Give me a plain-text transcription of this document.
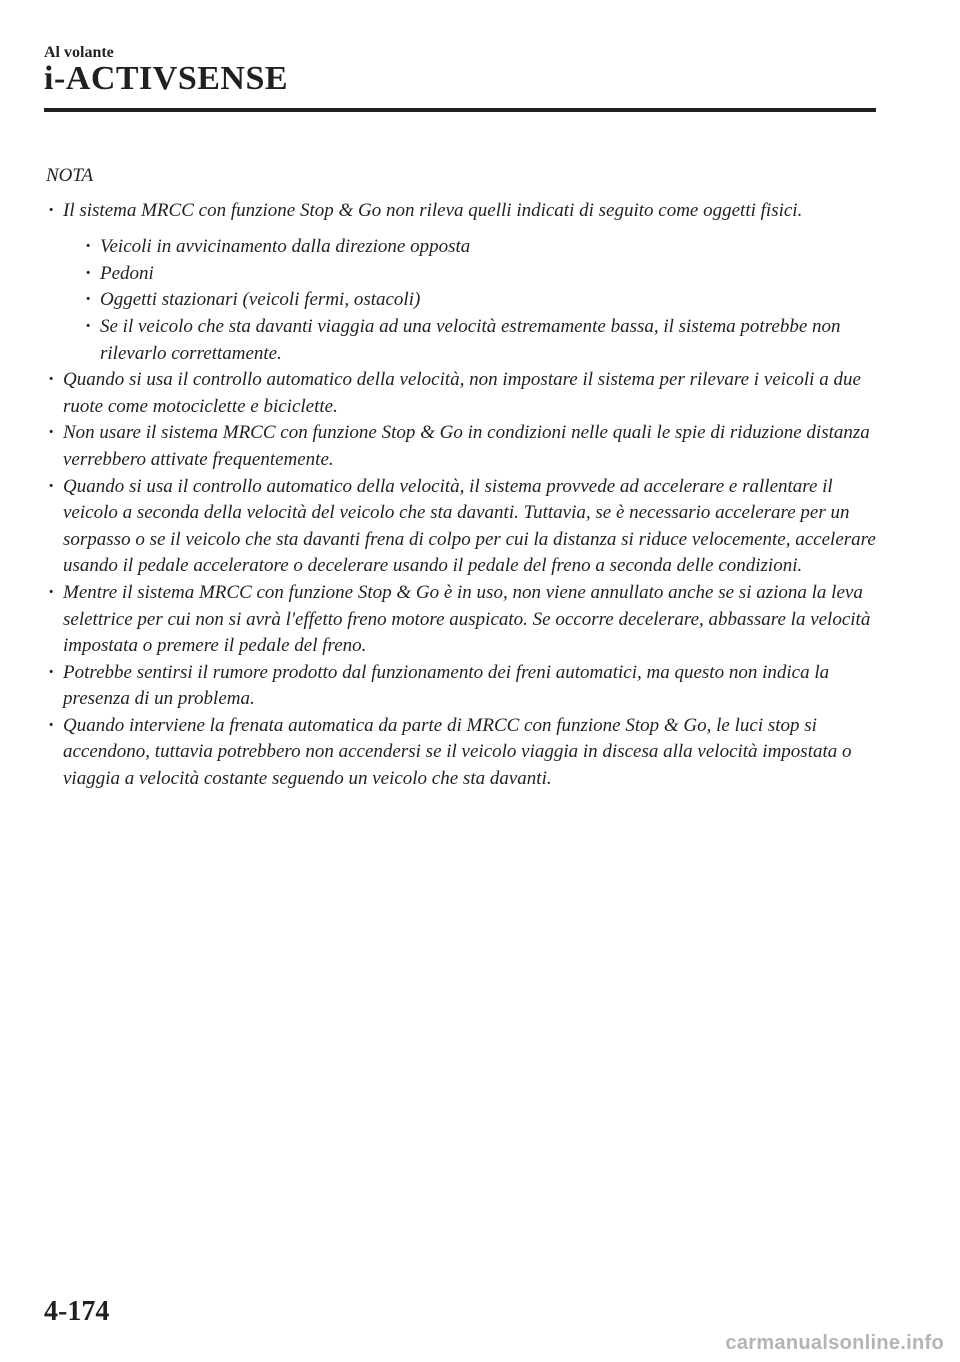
Al volante
i-ACTIVSENSE
NOTA
· Il sistema MRCC con funzione Stop & Go non rileva quelli indicati di seguito come oggetti fisici.
· Veicoli in avvicinamento dalla direzione opposta
· Pedoni
· Oggetti stazionari (veicoli fermi, ostacoli)
· Se il veicolo che sta davanti viaggia ad una velocità estremamente bassa, il sistema potrebbe non rilevarlo correttamente.
· Quando si usa il controllo automatico della velocità, non impostare il sistema per rilevare i veicoli a due ruote come motociclette e biciclette.
· Non usare il sistema MRCC con funzione Stop & Go in condizioni nelle quali le spie di riduzione distanza verrebbero attivate frequentemente.
· Quando si usa il controllo automatico della velocità, il sistema provvede ad accelerare e rallentare il veicolo a seconda della velocità del veicolo che sta davanti. Tuttavia, se è necessario accelerare per un sorpasso o se il veicolo che sta davanti frena di colpo per cui la distanza si riduce velocemente, accelerare usando il pedale acceleratore o decelerare usando il pedale del freno a seconda delle condizioni.
· Mentre il sistema MRCC con funzione Stop & Go è in uso, non viene annullato anche se si aziona la leva selettrice per cui non si avrà l'effetto freno motore auspicato. Se occorre decelerare, abbassare la velocità impostata o premere il pedale del freno.
· Potrebbe sentirsi il rumore prodotto dal funzionamento dei freni automatici, ma questo non indica la presenza di un problema.
· Quando interviene la frenata automatica da parte di MRCC con funzione Stop & Go, le luci stop si accendono, tuttavia potrebbero non accendersi se il veicolo viaggia in discesa alla velocità impostata o viaggia a velocità costante seguendo un veicolo che sta davanti.
4-174
carmanualsonline.info
